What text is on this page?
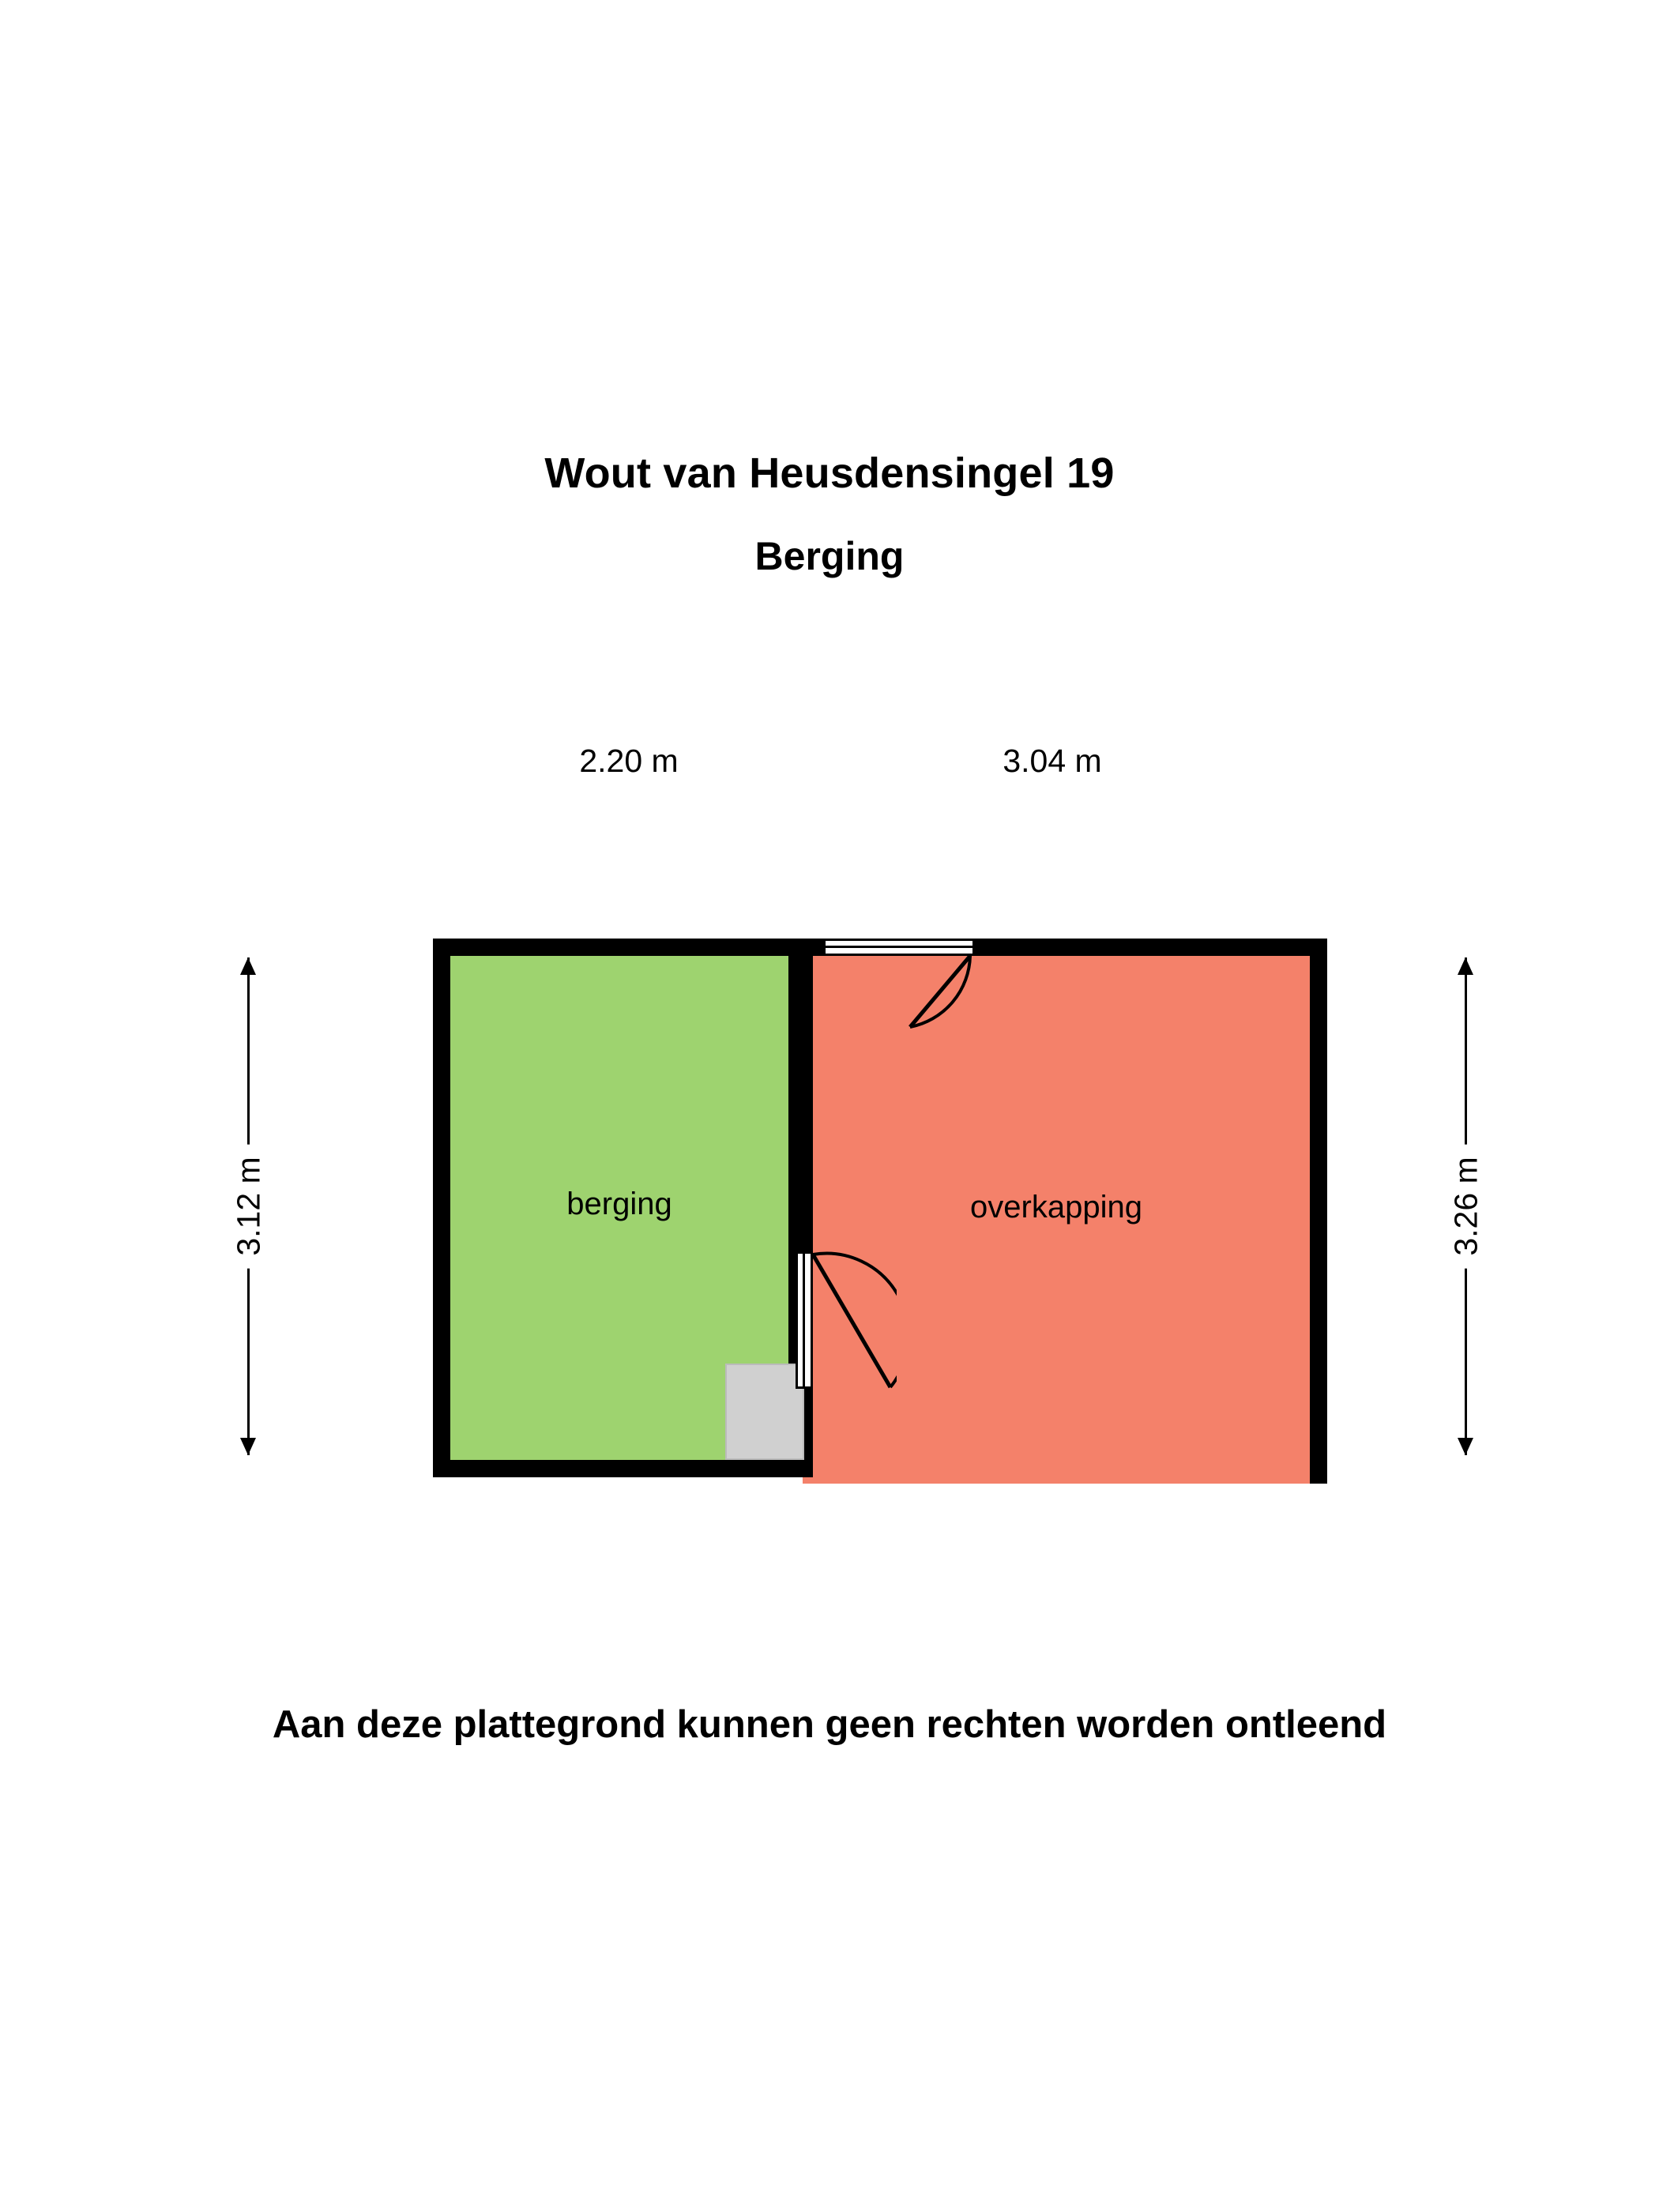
Wout van Heusdensingel 19
Berging
2.20 m	3.04 m
3.12 m	3.26 m
overkapping
berging
Aan deze plattegrond kunnen geen rechten worden ontleend
